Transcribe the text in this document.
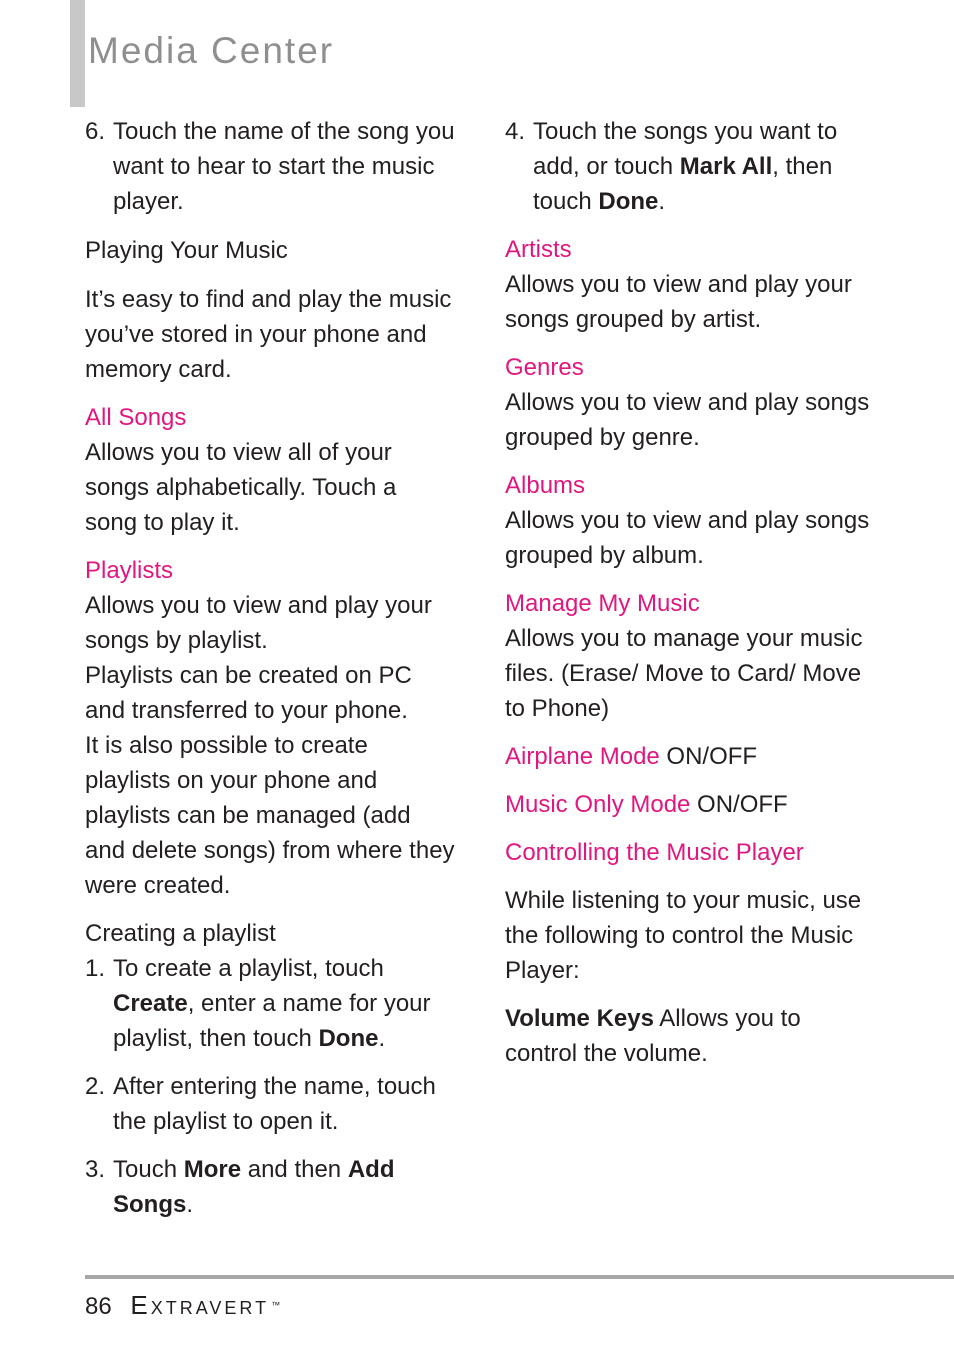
Media Center
6. Touch the name of the song you want to hear to start the music player.

Playing Your Music

It’s easy to find and play the music you’ve stored in your phone and memory card.

All Songs

Allows you to view all of your songs alphabetically. Touch a song to play it.

Playlists

Allows you to view and play your songs by playlist.

Playlists can be created on PC and transferred to your phone.

It is also possible to create playlists on your phone and playlists can be managed (add and delete songs) from where they were created.

Creating a playlist

1. To create a playlist, touch Create, enter a name for your playlist, then touch Done.
2. After entering the name, touch the playlist to open it.
3. Touch More and then Add Songs.
4. Touch the songs you want to add, or touch Mark All, then touch Done.

Artists

Allows you to view and play your songs grouped by artist.

Genres

Allows you to view and play songs grouped by genre.

Albums

Allows you to view and play songs grouped by album.

Manage My Music

Allows you to manage your music files. (Erase/ Move to Card/ Move to Phone)

Airplane Mode ON/OFF

Music Only Mode ON/OFF

Controlling the Music Player

While listening to your music, use the following to control the Music Player:

Volume Keys Allows you to control the volume.

86 Extravert ™
